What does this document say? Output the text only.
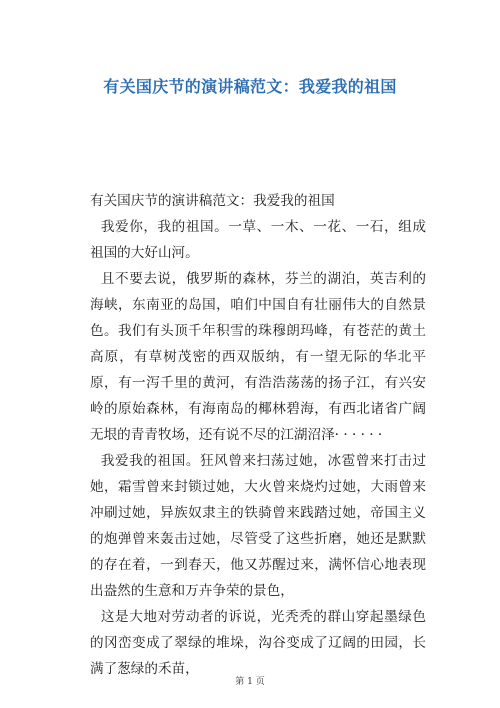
有关国庆节的演讲稿范文：我爱我的祖国

有关国庆节的演讲稿范文：我爱我的祖国

我爱你，我的祖国。一草、一木、一花、一石，组成祖国的大好山河。

且不要去说，俄罗斯的森林，芬兰的湖泊，英吉利的海峡，东南亚的岛国，咱们中国自有壮丽伟大的自然景色。我们有头顶千年积雪的珠穆朗玛峰，有苍茫的黄土高原，有草树茂密的西双版纳，有一望无际的华北平原，有一泻千里的黄河，有浩浩荡荡的扬子江，有兴安岭的原始森林，有海南岛的椰林碧海，有西北诸省广阔无垠的青青牧场，还有说不尽的江湖沼泽· · · · · ·

我爱我的祖国。狂风曾来扫荡过她，冰雹曾来打击过她，霜雪曾来封锁过她，大火曾来烧灼过她，大雨曾来冲刷过她，异族奴隶主的铁骑曾来践踏过她，帝国主义的炮弹曾来轰击过她，尽管受了这些折磨，她还是默默的存在着，一到春天，他又苏醒过来，满怀信心地表现出盎然的生意和万卉争荣的景色，

这是大地对劳动者的诉说，光秃秃的群山穿起墨绿色的冈峦变成了翠绿的堆垛，沟谷变成了辽阔的田园，长满了葱绿的禾苗，

第 1 页
